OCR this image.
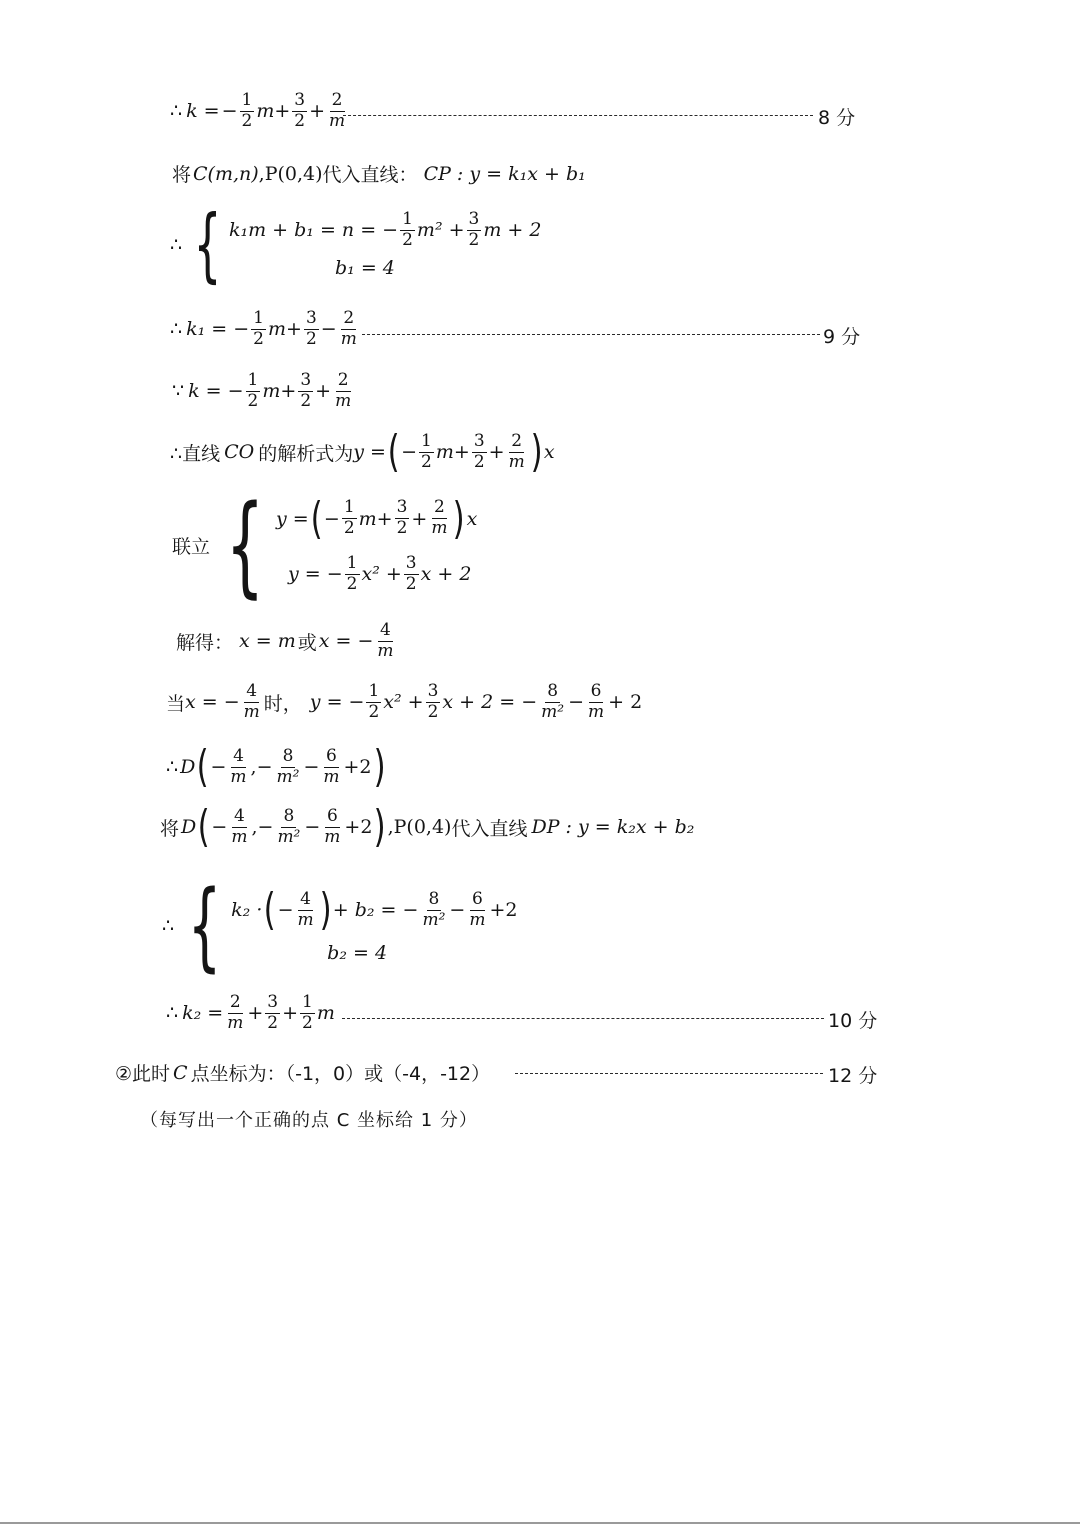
∴ k = − $\frac{1}{2}$ $m + \frac{3}{2} + \frac{2}{m}$	8 分
将 C(m,n) ,P(0,4) 代入直线： CP : y = k₁x + b₁
∴ { k₁m + b₁ = n = − $\frac{1}{2} m^2 + \frac{3}{2}$ m + 2
b₁ = 4
∴ k₁ = − $\frac{1}{2}$ $m + \frac{3}{2} - \frac{2}{m}$	9 分
∵ k = − $\frac{1}{2}$ $m + \frac{3}{2} + \frac{2}{m}$
∴直线 CO 的解析式为 y = ( − $\frac{1}{2}$ $m + \frac{3}{2} + \frac{2}{m}$ ) x
联立 { y = ( − $\frac{1}{2}$ $m + \frac{3}{2} + \frac{2}{m}$ ) x
y = − $\frac{1}{2} x^2 + \frac{3}{2}$ x + 2
解得： x = m 或 x = − $\frac{4}{m}$
当 x = − $\frac{4}{m}$ 时， y = − $\frac{1}{2} x^2 + \frac{3}{2}$ x + 2 = − $\frac{8}{\text{m²}} - \frac{6}{m} + 2$
∴ D ( − $\frac{4}{m}$ ,− $\frac{8}{\text{m²}} - \frac{6}{m} +2$ )
将 D ( − $\frac{4}{m}$ ,− $\frac{8}{\text{m²}} - \frac{6}{m} +2$ ) ,P(0,4) 代入直线 DP : y = k₂x + b₂
∴ { k₂ · ( − $\frac{4}{m}$ ) + b₂ = − $\frac{8}{\text{m²}} - \frac{6}{m} +2$
b₂ = 4
∴ $k_2 = \frac{2}{m} + \frac{3}{2} + \frac{1}{2}$ m	10 分
②此时 C 点坐标为：（-1，0）或（-4，-12）	12 分
（每写出一个正确的点 C 坐标给 1 分）
